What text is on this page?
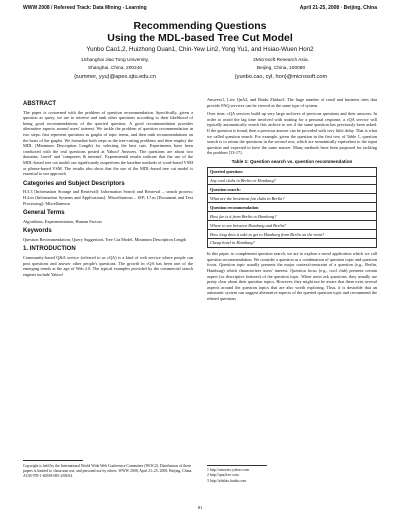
WWW 2008 / Refereed Track: Data Mining - Learning	April 21-25, 2008 · Beijing, China
Recommending Questions
Using the MDL-based Tree Cut Model
Yunbo Cao1,2, Huizhong Duan1, Chin-Yew Lin2, Yong Yu1, and Hsiao-Wuen Hon2
1Shanghai Jiao Tong University,
Shanghai, China, 200240
{summer, yyu}@apex.sjtu.edu.cn
2Microsoft Research Asia,
Beijing, China, 100080
{yunbo.cao, cyl, hon}@microsoft.com
ABSTRACT

The paper is concerned with the problem of question recommendation. Specifically, given a question as query, we are to retrieve and rank other questions according to their likelihood of being good recommendations of the queried question. A good recommendation provides alternative aspects around users' interest. We tackle the problem of question recommendation in two steps: first represent questions as graphs of topic terms, and then rank recommendations on the basis of the graphs. We formalize both steps as the tree-cutting problems and then employ the MDL (Minimum Description Length) for selecting the best cuts. Experiments have been conducted with the real questions posted at Yahoo! Answers. The questions are about two domains, 'travel' and 'computers & internet'. Experimental results indicate that the use of the MDL-based tree cut model can significantly outperform the baseline methods of word-based VSM or phrase-based VSM. The results also show that the use of the MDL-based tree cut model is essential to our approach.

Categories and Subject Descriptors

H.3.3 [Information Storage and Retrieval]: Information Search and Retrieval – search process; H.4.m [Information Systems and Applications]: Miscellaneous – ISP; I.7.m [Document and Text Processing]: Miscellaneous

General Terms

Algorithms, Experimentation, Human Factors

Keywords

Question Recommendation, Query Suggestion, Tree Cut Model, Minimum Description Length

1. INTRODUCTION

Community-based Q&A service (referred to as cQA) is a kind of web service where people can post questions and answer other people's questions. The growth in cQA has been one of the emerging trends at the age of Web 2.0. The typical examples provided by the commercial search engines include Yahoo!

Copyright is held by the International World Wide Web Conference Committee (IW3C2). Distribution of these papers is limited to classroom use, and personal use by others. WWW 2008, April 21–25, 2008, Beijing, China. ACM 978-1-60558-085-2/08/04.

Answers1, Live QnA2, and Baidu Zhidao3. The huge number of retail and business sites that provide FAQ services can be viewed as the same type of system.

Over time, cQA services build up very large archives of previous questions and their answers. In order to avoid the lag time involved with waiting for a personal response, a cQA service will typically automatically search this archive to see if the same question has previously been asked. If the question is found, then a previous answer can be provided with very little delay. That is what we called question search. For example, given the question in the first row of Table 1, question search is to return the questions in the second row, which are semantically equivalent to the input question and expected to have the same answer. Many methods have been proposed for tackling the problem [13-17].

Table 1: Question search vs. question recommendation
Queried question:
Any cool clubs in Berlin or Hamburg?
Question search:
What are the best/most fun clubs in Berlin?
Question recommendation
How far is it from Berlin to Hamburg?
Where to see between Hamburg and Berlin?
How long does it take to get to Hamburg from Berlin on the train?
Cheap hotel in Hamburg?

In this paper, to complement question search, we are to explore a novel application which we call question recommendation. We consider a question as a combination of question topic and question focus. Question topic usually presents the major context/constraint of a question (e.g., Berlin, Hamburg) which characterizes users' interest. Question focus (e.g., cool club) presents certain aspect (or descriptive features) of the question topic. When users ask questions, they usually are pretty clear about their question topics. However, they might not be aware that there exist several aspects around the question topics that are also worth exploring. Thus, it is desirable that an automatic system can suggest alternative aspects of the queried question topic and recommend the related questions

1 http://answers.yahoo.com
2 http://qna.live.com
3 http://zhidao.baidu.com
81
